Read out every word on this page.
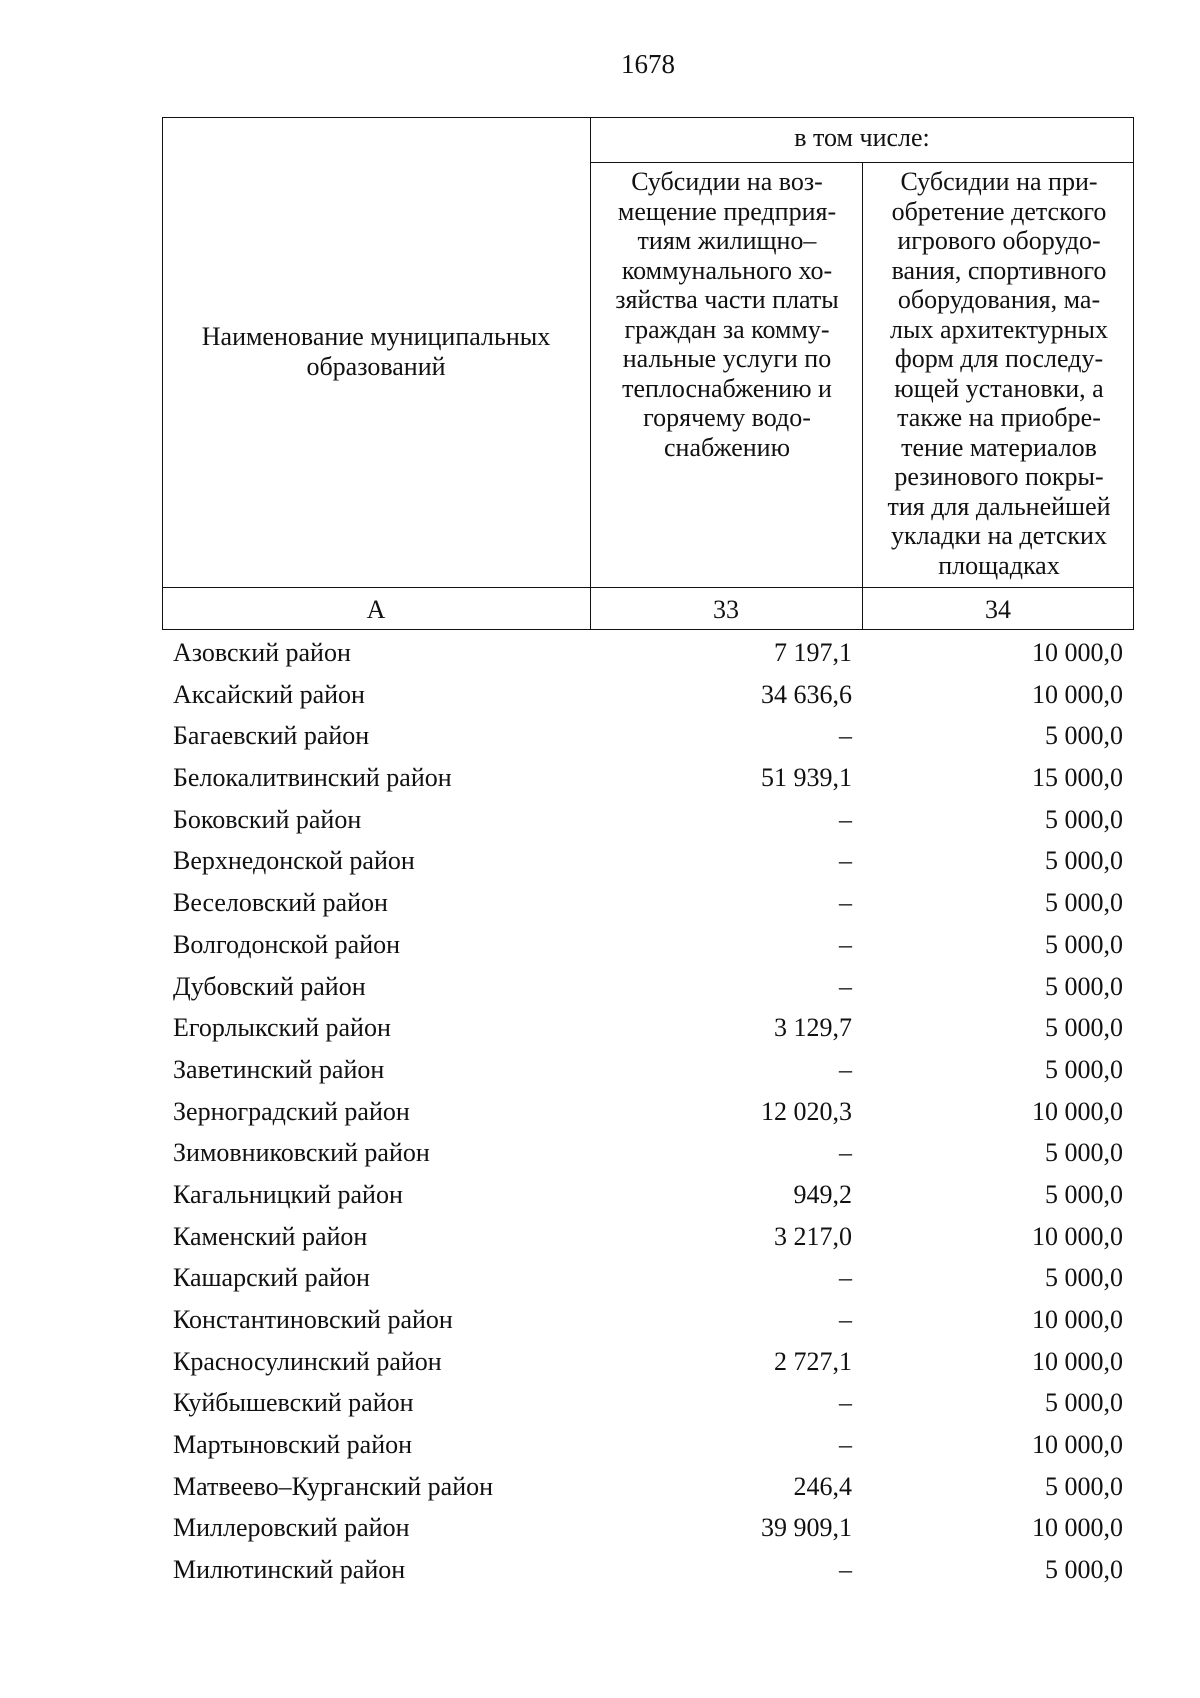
1678
Наименование муниципальных образований
в том числе:
Субсидии на воз-
мещение предприя-
тиям жилищно–
коммунального хо-
зяйства части платы
граждан за комму-
нальные услуги по
теплоснабжению и
горячему водо-
снабжению
Субсидии на при-
обретение детского
игрового оборудо-
вания, спортивного
оборудования, ма-
лых архитектурных
форм для последу-
ющей установки, а
также на приобре-
тение материалов
резинового покры-
тия для дальнейшей
укладки на детских
площадках
А	33	34
Азовский район	7 197,1	10 000,0
Аксайский район	34 636,6	10 000,0
Багаевский район	–	5 000,0
Белокалитвинский район	51 939,1	15 000,0
Боковский район	–	5 000,0
Верхнедонской район	–	5 000,0
Веселовский район	–	5 000,0
Волгодонской район	–	5 000,0
Дубовский район	–	5 000,0
Егорлыкский район	3 129,7	5 000,0
Заветинский район	–	5 000,0
Зерноградский район	12 020,3	10 000,0
Зимовниковский район	–	5 000,0
Кагальницкий район	949,2	5 000,0
Каменский район	3 217,0	10 000,0
Кашарский район	–	5 000,0
Константиновский район	–	10 000,0
Красносулинский район	2 727,1	10 000,0
Куйбышевский район	–	5 000,0
Мартыновский район	–	10 000,0
Матвеево–Курганский район	246,4	5 000,0
Миллеровский район	39 909,1	10 000,0
Милютинский район	–	5 000,0
